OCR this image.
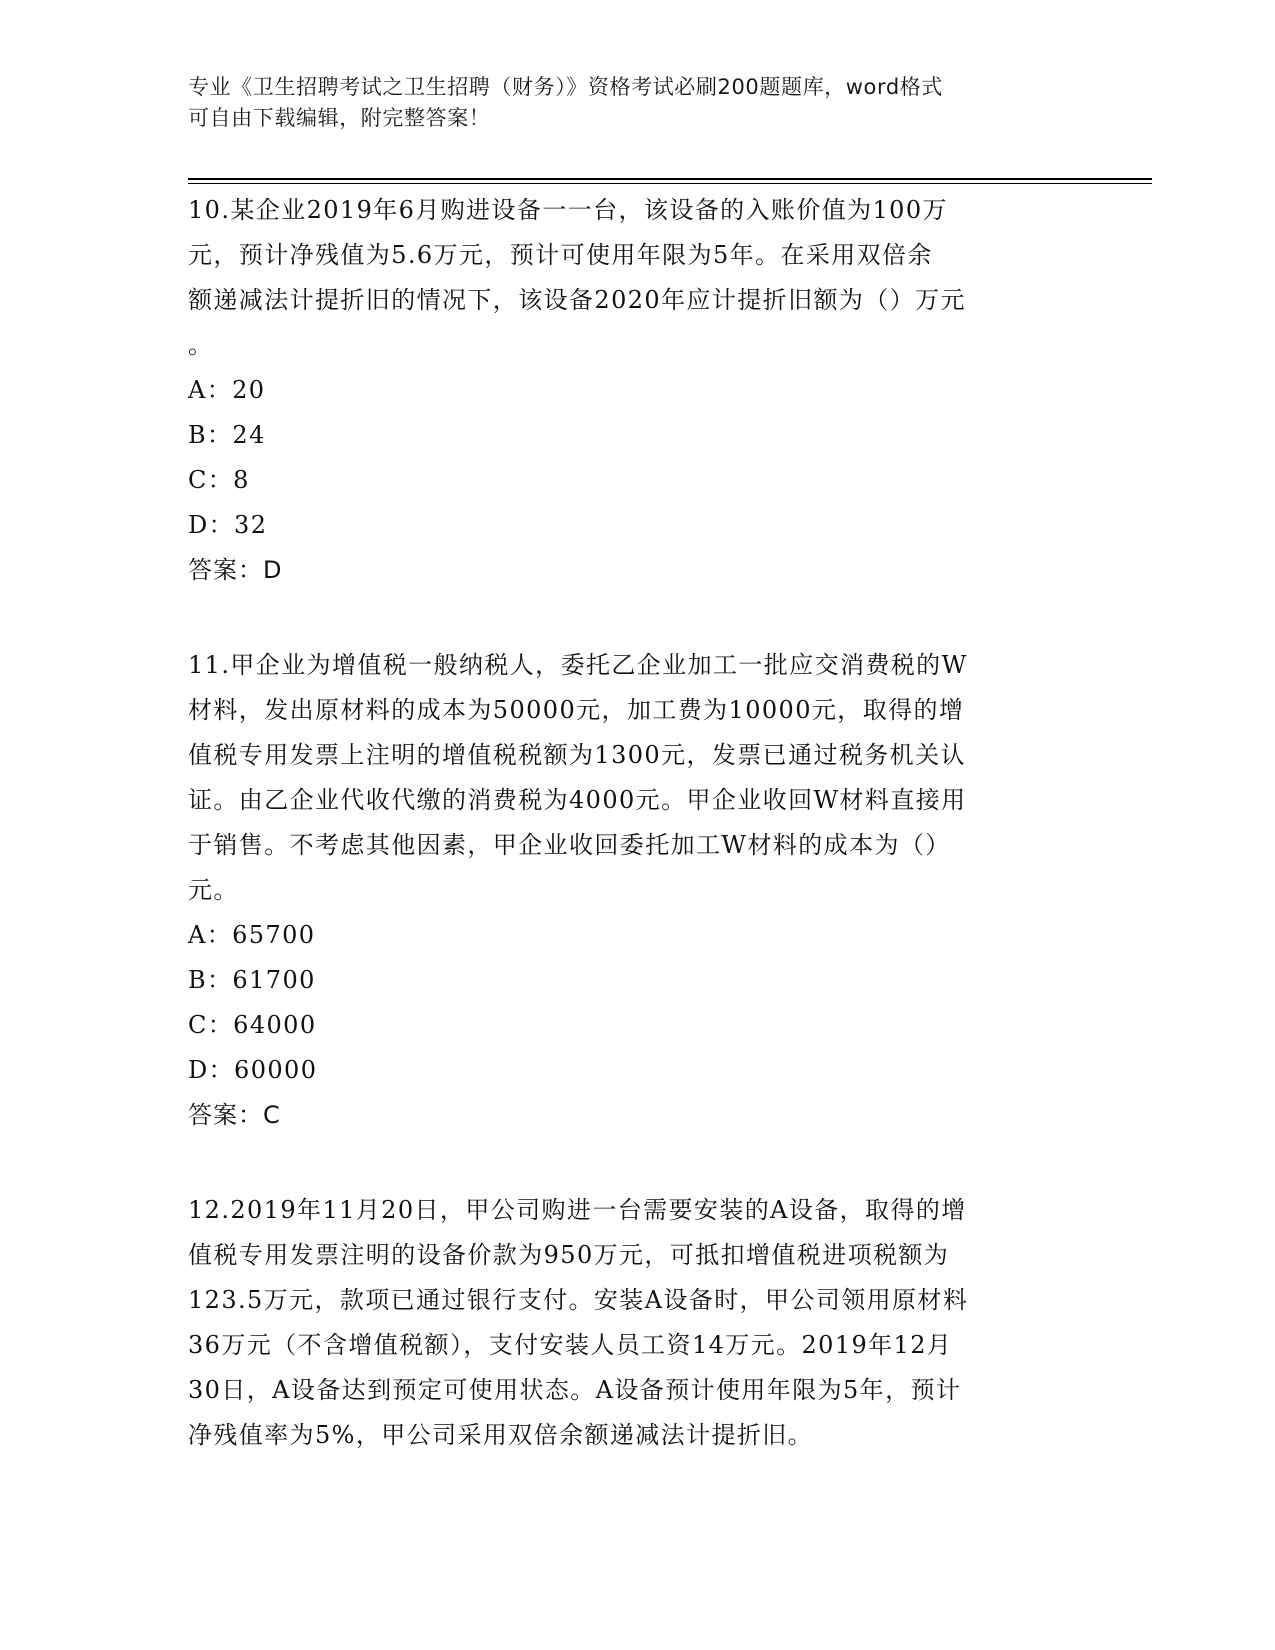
专业《卫生招聘考试之卫生招聘（财务）》资格考试必刷200题题库，word格式
可自由下载编辑，附完整答案！
10.某企业2019年6月购进设备一一台，该设备的入账价值为100万
元，预计净残值为5.6万元，预计可使用年限为5年。在采用双倍余
额递减法计提折旧的情况下，该设备2020年应计提折旧额为（）万元
。
A：20
B：24
C：8
D：32
答案：D
11.甲企业为增值税一般纳税人，委托乙企业加工一批应交消费税的W
材料，发出原材料的成本为50000元，加工费为10000元，取得的增
值税专用发票上注明的增值税税额为1300元，发票已通过税务机关认
证。由乙企业代收代缴的消费税为4000元。甲企业收回W材料直接用
于销售。不考虑其他因素，甲企业收回委托加工W材料的成本为（）
元。
A：65700
B：61700
C：64000
D：60000
答案：C
12.2019年11月20日，甲公司购进一台需要安装的A设备，取得的增
值税专用发票注明的设备价款为950万元，可抵扣增值税进项税额为
123.5万元，款项已通过银行支付。安装A设备时，甲公司领用原材料
36万元（不含增值税额），支付安装人员工资14万元。2019年12月
30日，A设备达到预定可使用状态。A设备预计使用年限为5年，预计
净残值率为5%，甲公司采用双倍余额递减法计提折旧。
